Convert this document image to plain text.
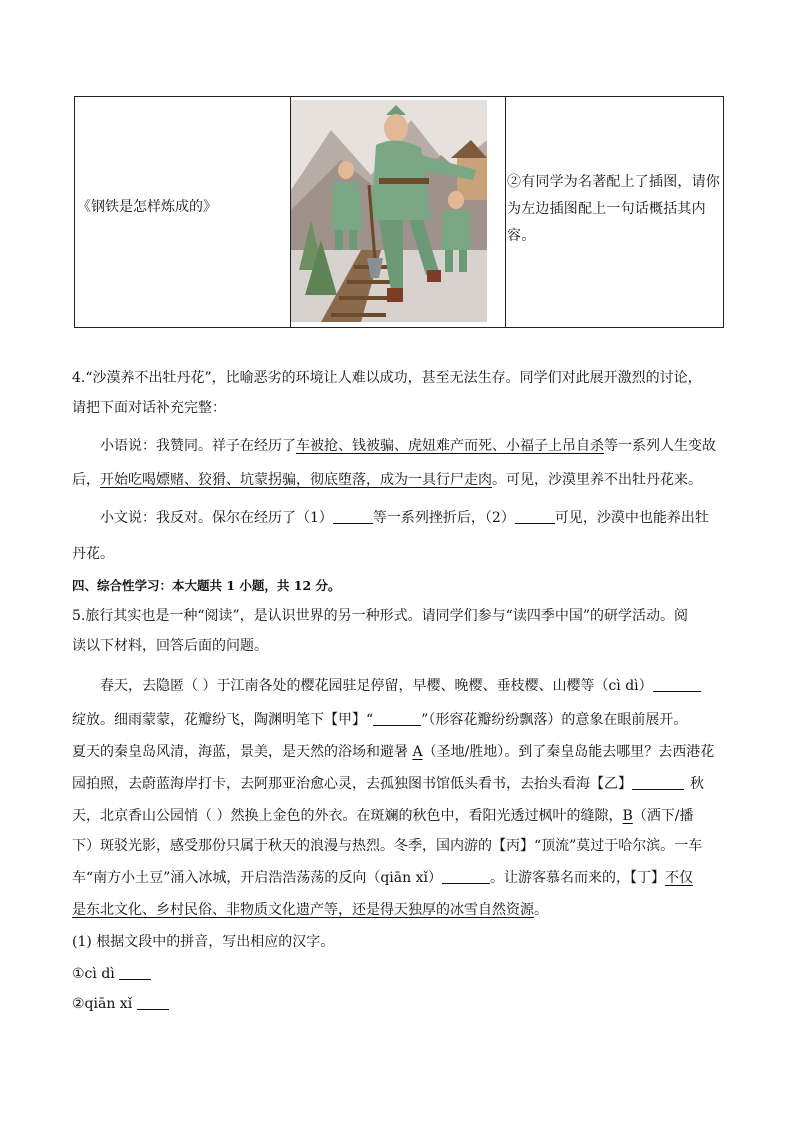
《钢铁是怎样炼成的》
②有同学为名著配上了插图，请你
为左边插图配上一句话概括其内
容。
4.“沙漠养不出牡丹花”，比喻恶劣的环境让人难以成功，甚至无法生存。同学们对此展开激烈的讨论，
请把下面对话补充完整：
小语说：我赞同。祥子在经历了车被抢、钱被骗、虎妞难产而死、小福子上吊自杀等一系列人生变故
后，开始吃喝嫖赌、狡猾、坑蒙拐骗，彻底堕落，成为一具行尸走肉。可见，沙漠里养不出牡丹花来。
小文说：我反对。保尔在经历了（1）	等一系列挫折后，（2）	可见，沙漠中也能养出牡
丹花。
四、综合性学习：本大题共 1 小题，共 12 分。
5.旅行其实也是一种“阅读”，是认识世界的另一种形式。请同学们参与“读四季中国”的研学活动。阅
读以下材料，回答后面的问题。
春天，去隐匿（ ）于江南各处的樱花园驻足停留，早樱、晚樱、垂枝樱、山樱等（cì dì）
绽放。细雨蒙蒙，花瓣纷飞，陶渊明笔下【甲】“	”（形容花瓣纷纷飘落）的意象在眼前展开。
夏天的秦皇岛风清，海蓝，景美，是天然的浴场和避暑 A（圣地/胜地）。到了秦皇岛能去哪里？去西港花
园拍照，去蔚蓝海岸打卡，去阿那亚治愈心灵，去孤独图书馆低头看书，去抬头看海【乙】	秋
天，北京香山公园悄（ ）然换上金色的外衣。在斑斓的秋色中，看阳光透过枫叶的缝隙，B（洒下/播
下）斑驳光影，感受那份只属于秋天的浪漫与热烈。冬季，国内游的【丙】“顶流”莫过于哈尔滨。一车
车“南方小土豆”涌入冰城，开启浩浩荡荡的反向（qiān xǐ）	。让游客慕名而来的，【丁】不仅
是东北文化、乡村民俗、非物质文化遗产等，还是得天独厚的冰雪自然资源。
(1) 根据文段中的拼音，写出相应的汉字。
①cì dì
②qiān xǐ
